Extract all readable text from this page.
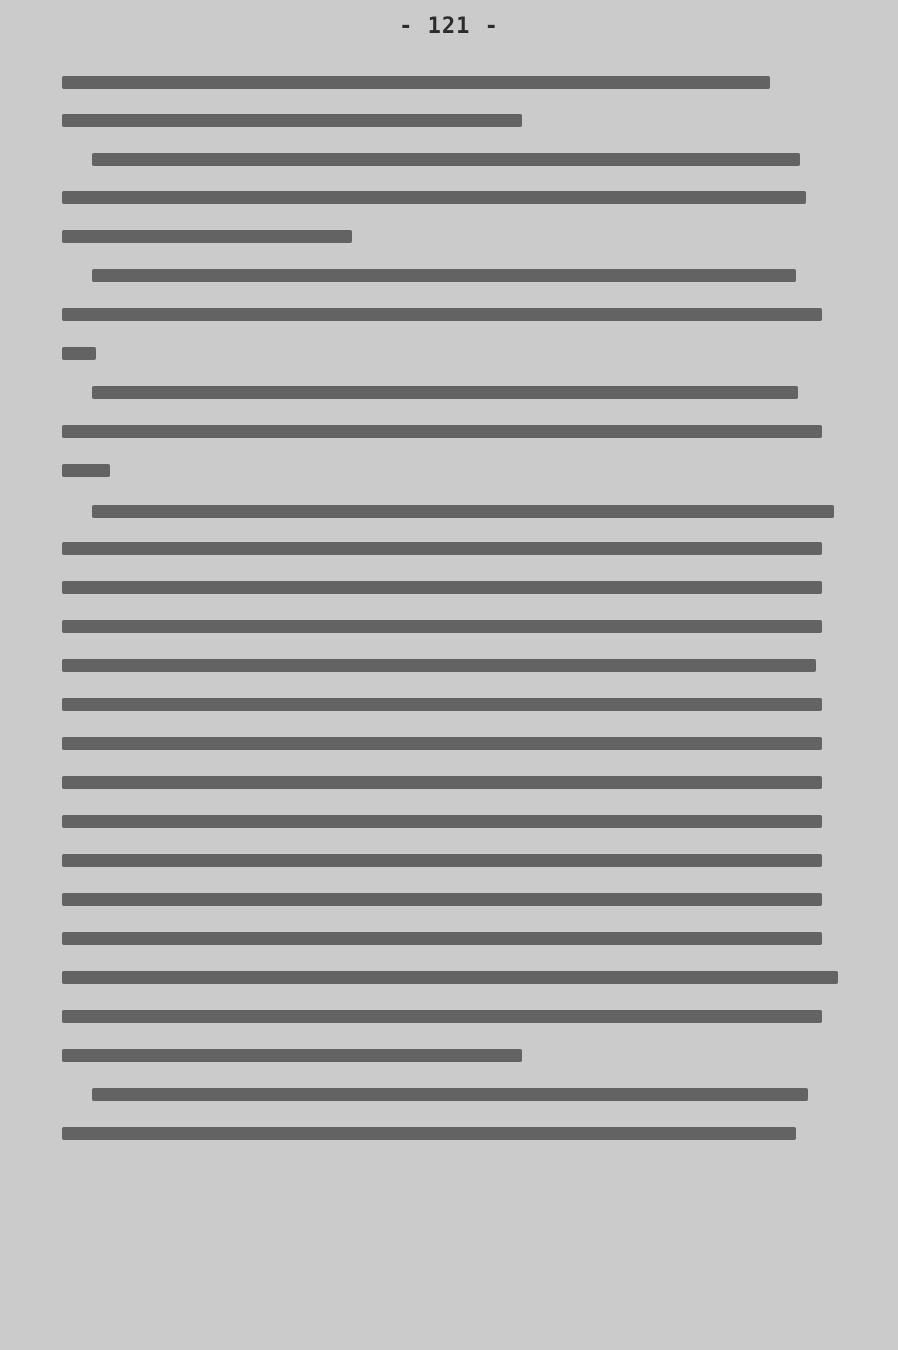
- 121 -
